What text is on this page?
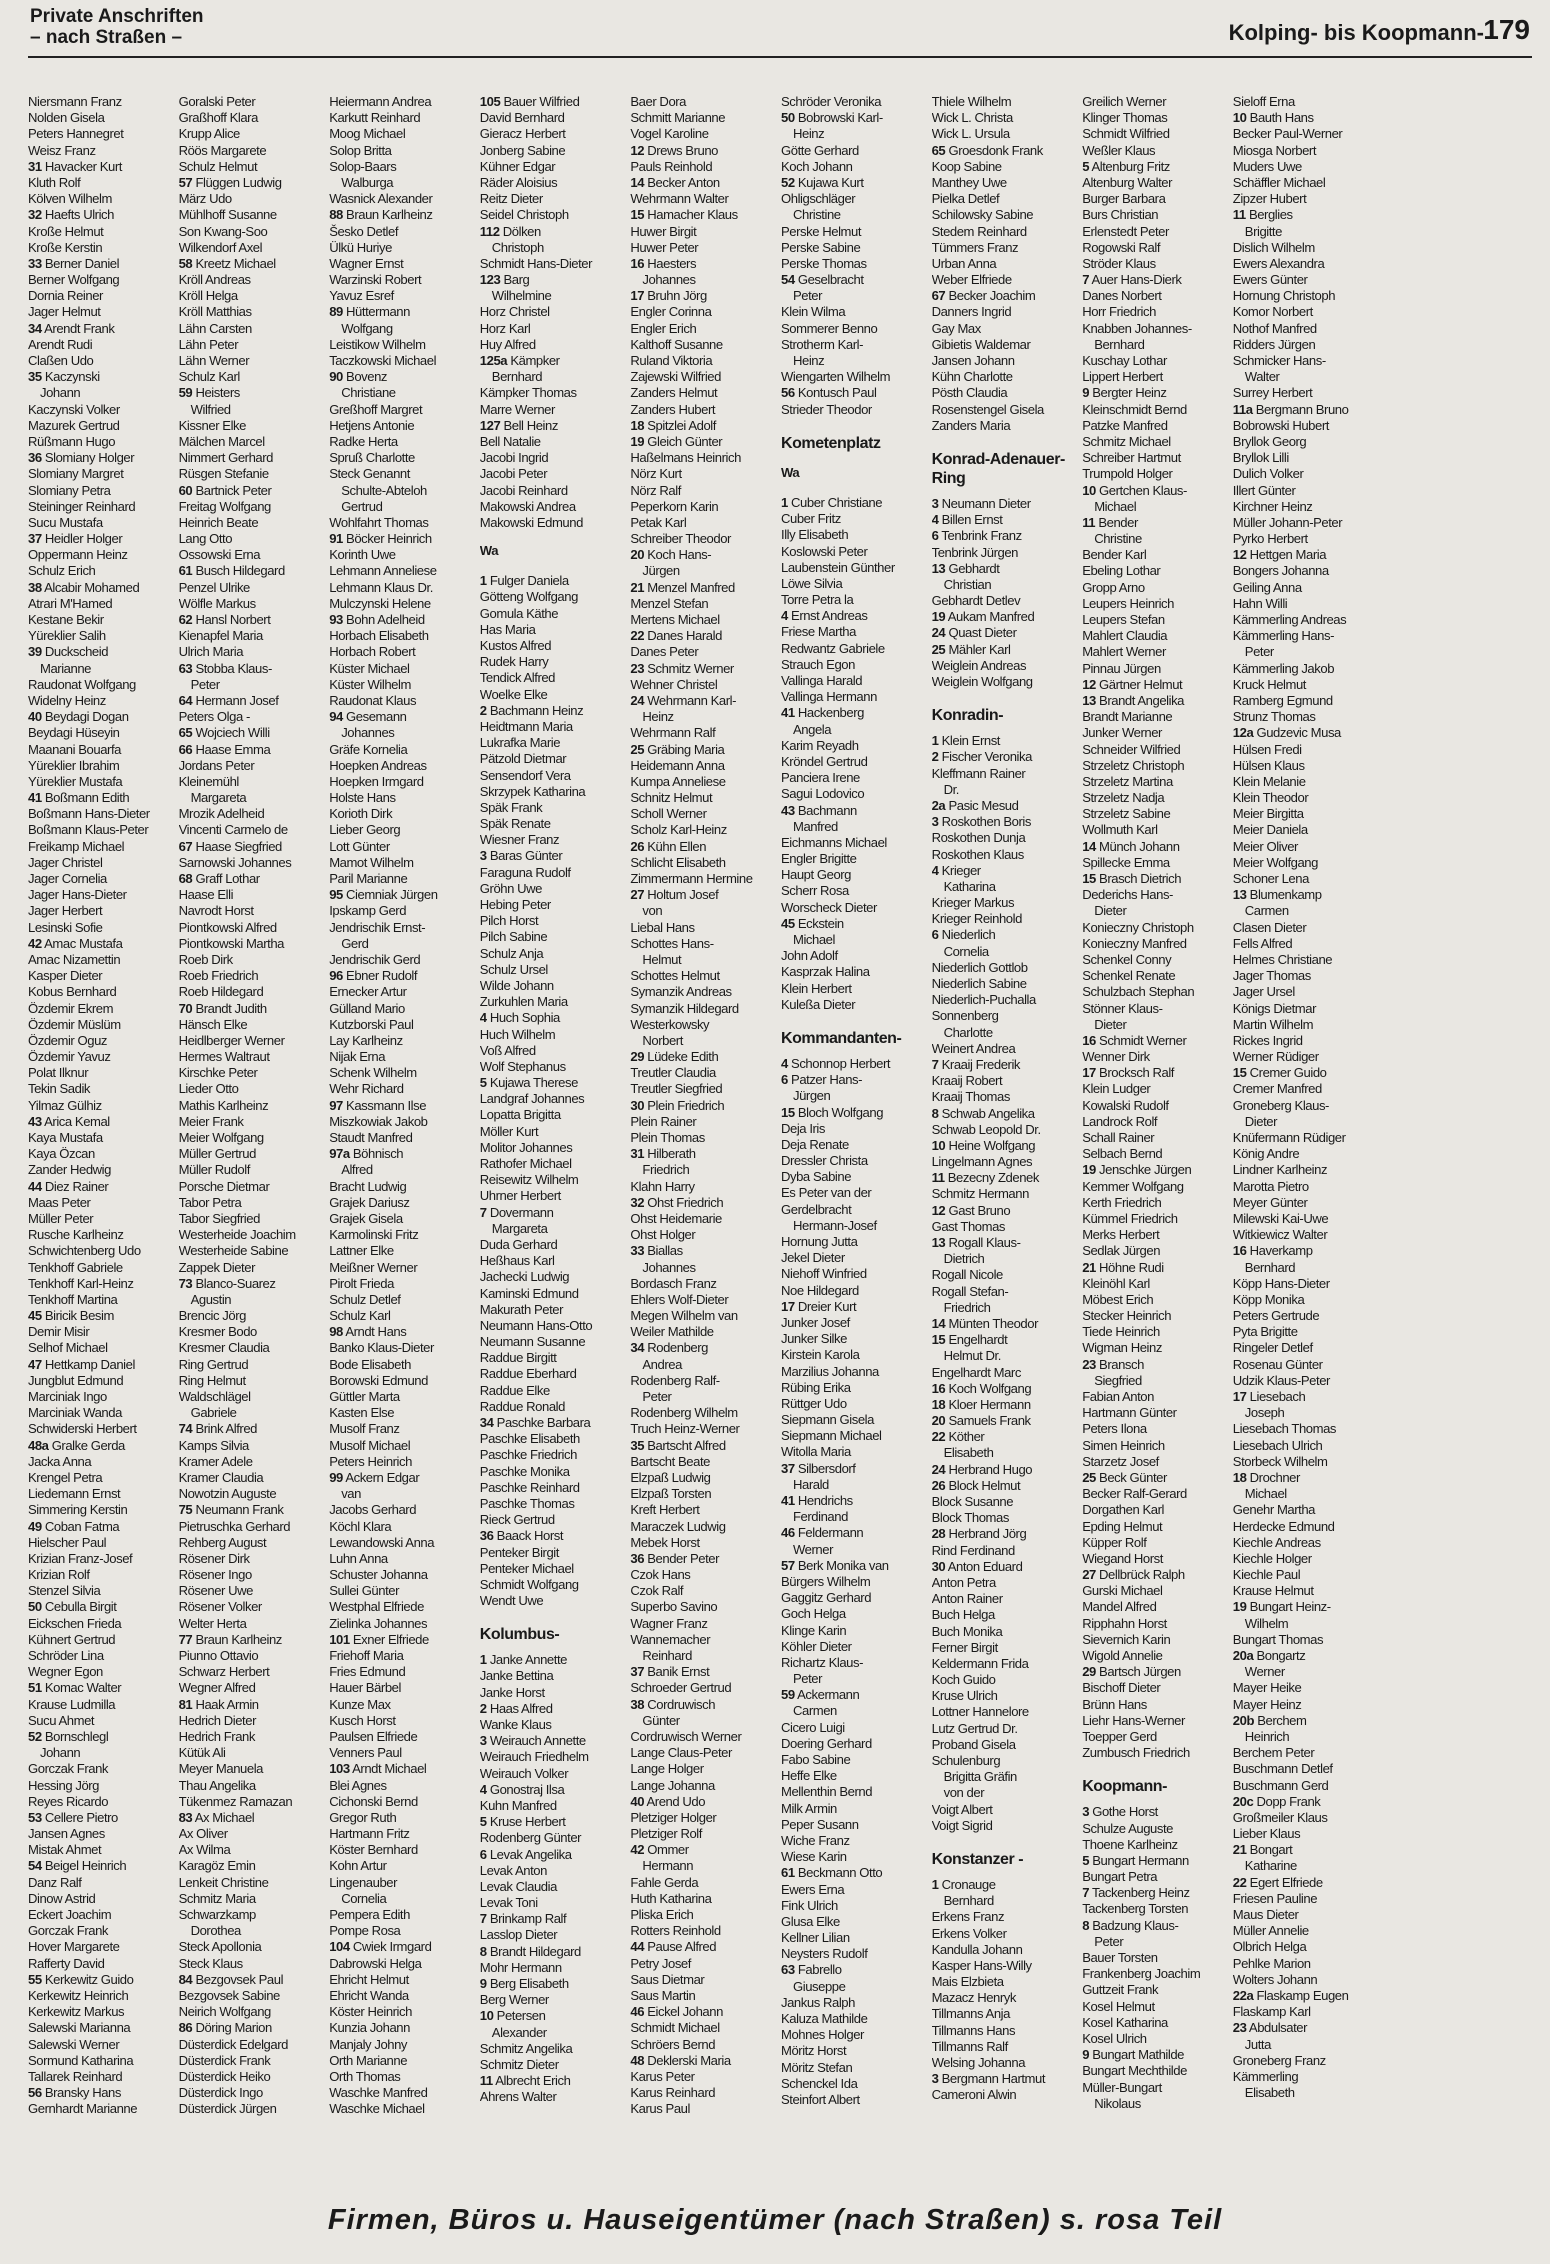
Private Anschriften
– nach Straßen –	Kolping- bis Koopmann- 179
Niersmann Franz
Nolden Gisela
Peters Hannegret
Weisz Franz
31 Havacker Kurt
Kluth Rolf
Kölven Wilhelm
32 Haefts Ulrich
Kroße Helmut
Kroße Kerstin
33 Berner Daniel
Berner Wolfgang
Dornia Reiner
Jager Helmut
34 Arendt Frank
Arendt Rudi
Claßen Udo
35 Kaczynski
Johann
Kaczynski Volker
Mazurek Gertrud
Rüßmann Hugo
36 Slomiany Holger
Slomiany Margret
Slomiany Petra
Steininger Reinhard
Sucu Mustafa
37 Heidler Holger
Oppermann Heinz
Schulz Erich
38 Alcabir Mohamed
Atrari M'Hamed
Kestane Bekir
Yüreklier Salih
39 Duckscheid
Marianne
Raudonat Wolfgang
Widelny Heinz
40 Beydagi Dogan
Beydagi Hüseyin
Maanani Bouarfa
Yüreklier Ibrahim
Yüreklier Mustafa
41 Boßmann Edith
Boßmann Hans-Dieter
Boßmann Klaus-Peter
Freikamp Michael
Jager Christel
Jager Cornelia
Jager Hans-Dieter
Jager Herbert
Lesinski Sofie
42 Amac Mustafa
Amac Nizamettin
Kasper Dieter
Kobus Bernhard
Özdemir Ekrem
Özdemir Müslüm
Özdemir Oguz
Özdemir Yavuz
Polat Ilknur
Tekin Sadik
Yilmaz Gülhiz
43 Arica Kemal
Kaya Mustafa
Kaya Özcan
Zander Hedwig
44 Diez Rainer
Maas Peter
Müller Peter
Rusche Karlheinz
Schwichtenberg Udo
Tenkhoff Gabriele
Tenkhoff Karl-Heinz
Tenkhoff Martina
45 Biricik Besim
Demir Misir
Selhof Michael
47 Hettkamp Daniel
Jungblut Edmund
Marciniak Ingo
Marciniak Wanda
Schwiderski Herbert
48a Gralke Gerda
Jacka Anna
Krengel Petra
Liedemann Ernst
Simmering Kerstin
49 Coban Fatma
Hielscher Paul
Krizian Franz-Josef
Krizian Rolf
Stenzel Silvia
50 Cebulla Birgit
Eickschen Frieda
Kühnert Gertrud
Schröder Lina
Wegner Egon
51 Komac Walter
Krause Ludmilla
Sucu Ahmet
52 Bornschlegl
Johann
Gorczak Frank
Hessing Jörg
Reyes Ricardo
53 Cellere Pietro
Jansen Agnes
Mistak Ahmet
54 Beigel Heinrich
Danz Ralf
Dinow Astrid
Eckert Joachim
Gorczak Frank
Hover Margarete
Rafferty David
55 Kerkewitz Guido
Kerkewitz Heinrich
Kerkewitz Markus
Salewski Marianna
Salewski Werner
Sormund Katharina
Tallarek Reinhard
56 Bransky Hans
Gernhardt Marianne
Goralski Peter
Graßhoff Klara
Krupp Alice
Röös Margarete
Schulz Helmut
57 Flüggen Ludwig
März Udo
Mühlhoff Susanne
Son Kwang-Soo
Wilkendorf Axel
58 Kreetz Michael
Kröll Andreas
Kröll Helga
Kröll Matthias
Lähn Carsten
Lähn Peter
Lähn Werner
Schulz Karl
59 Heisters
Wilfried
Kissner Elke
Mälchen Marcel
Nimmert Gerhard
Rüsgen Stefanie
60 Bartnick Peter
Freitag Wolfgang
Heinrich Beate
Lang Otto
Ossowski Erna
61 Busch Hildegard
Penzel Ulrike
Wölfle Markus
62 Hansl Norbert
Kienapfel Maria
Ulrich Maria
63 Stobba Klaus-
Peter
64 Hermann Josef
Peters Olga -
65 Wojciech Willi
66 Haase Emma
Jordans Peter
Kleinemühl
Margareta
Mrozik Adelheid
Vincenti Carmelo de
67 Haase Siegfried
Sarnowski Johannes
68 Graff Lothar
Haase Elli
Navrodt Horst
Piontkowski Alfred
Piontkowski Martha
Roeb Dirk
Roeb Friedrich
Roeb Hildegard
70 Brandt Judith
Hänsch Elke
Heidlberger Werner
Hermes Waltraut
Kirschke Peter
Lieder Otto
Mathis Karlheinz
Meier Frank
Meier Wolfgang
Müller Gertrud
Müller Rudolf
Porsche Dietmar
Tabor Petra
Tabor Siegfried
Westerheide Joachim
Westerheide Sabine
Zappek Dieter
73 Blanco-Suarez
Agustin
Brencic Jörg
Kresmer Bodo
Kresmer Claudia
Ring Gertrud
Ring Helmut
Waldschlägel
Gabriele
74 Brink Alfred
Kamps Silvia
Kramer Adele
Kramer Claudia
Nowotzin Auguste
75 Neumann Frank
Pietruschka Gerhard
Rehberg August
Rösener Dirk
Rösener Ingo
Rösener Uwe
Rösener Volker
Welter Herta
77 Braun Karlheinz
Piunno Ottavio
Schwarz Herbert
Wegner Alfred
81 Haak Armin
Hedrich Dieter
Hedrich Frank
Kütük Ali
Meyer Manuela
Thau Angelika
Tükenmez Ramazan
83 Ax Michael
Ax Oliver
Ax Wilma
Karagöz Emin
Lenkeit Christine
Schmitz Maria
Schwarzkamp
Dorothea
Steck Apollonia
Steck Klaus
84 Bezgovsek Paul
Bezgovsek Sabine
Neirich Wolfgang
86 Döring Marion
Düsterdick Edelgard
Düsterdick Frank
Düsterdick Heiko
Düsterdick Ingo
Düsterdick Jürgen
Heiermann Andrea
Karkutt Reinhard
Moog Michael
Solop Britta
Solop-Baars
Walburga
Wasnick Alexander
88 Braun Karlheinz
Šesko Detlef
Ülkü Huriye
Wagner Ernst
Warzinski Robert
Yavuz Esref
89 Hüttermann
Wolfgang
Leistikow Wilhelm
Taczkowski Michael
90 Bovenz
Christiane
Greßhoff Margret
Hetjens Antonie
Radke Herta
Spruß Charlotte
Steck Genannt
Schulte-Abteloh
Gertrud
Wohlfahrt Thomas
91 Böcker Heinrich
Korinth Uwe
Lehmann Anneliese
Lehmann Klaus Dr.
Mulczynski Helene
93 Bohn Adelheid
Horbach Elisabeth
Horbach Robert
Küster Michael
Küster Wilhelm
Raudonat Klaus
94 Gesemann
Johannes
Gräfe Kornelia
Hoepken Andreas
Hoepken Irmgard
Holste Hans
Korioth Dirk
Lieber Georg
Lott Günter
Mamot Wilhelm
Paril Marianne
95 Ciemniak Jürgen
Ipskamp Gerd
Jendrischik Ernst-
Gerd
Jendrischik Gerd
96 Ebner Rudolf
Ernecker Artur
Gülland Mario
Kutzborski Paul
Lay Karlheinz
Nijak Erna
Schenk Wilhelm
Wehr Richard
97 Kassmann Ilse
Miszkowiak Jakob
Staudt Manfred
97a Böhnisch
Alfred
Bracht Ludwig
Grajek Dariusz
Grajek Gisela
Karmolinski Fritz
Lattner Elke
Meißner Werner
Pirolt Frieda
Schulz Detlef
Schulz Karl
98 Arndt Hans
Banko Klaus-Dieter
Bode Elisabeth
Borowski Edmund
Güttler Marta
Kasten Else
Musolf Franz
Musolf Michael
Peters Heinrich
99 Ackern Edgar
van
Jacobs Gerhard
Köchl Klara
Lewandowski Anna
Luhn Anna
Schuster Johanna
Sullei Günter
Westphal Elfriede
Zielinka Johannes
101 Exner Elfriede
Friehoff Maria
Fries Edmund
Hauer Bärbel
Kunze Max
Kusch Horst
Paulsen Elfriede
Venners Paul
103 Arndt Michael
Blei Agnes
Cichonski Bernd
Gregor Ruth
Hartmann Fritz
Köster Bernhard
Kohn Artur
Lingenauber
Cornelia
Pempera Edith
Pompe Rosa
104 Cwiek Irmgard
Dabrowski Helga
Ehricht Helmut
Ehricht Wanda
Köster Heinrich
Kunzia Johann
Manjaly Johny
Orth Marianne
Orth Thomas
Waschke Manfred
Waschke Michael
105 Bauer Wilfried
David Bernhard
Gieracz Herbert
Jonberg Sabine
Kühner Edgar
Räder Aloisius
Reitz Dieter
Seidel Christoph
112 Dölken
Christoph
Schmidt Hans-Dieter
123 Barg
Wilhelmine
Horz Christel
Horz Karl
Huy Alfred
125a Kämpker
Bernhard
Kämpker Thomas
Marre Werner
127 Bell Heinz
Bell Natalie
Jacobi Ingrid
Jacobi Peter
Jacobi Reinhard
Makowski Andrea
Makowski Edmund
Wa
1 Fulger Daniela
Götteng Wolfgang
Gomula Käthe
Has Maria
Kustos Alfred
Rudek Harry
Tendick Alfred
Woelke Elke
2 Bachmann Heinz
Heidtmann Maria
Lukrafka Marie
Pätzold Dietmar
Sensendorf Vera
Skrzypek Katharina
Späk Frank
Späk Renate
Wiesner Franz
3 Baras Günter
Faraguna Rudolf
Gröhn Uwe
Hebing Peter
Pilch Horst
Pilch Sabine
Schulz Anja
Schulz Ursel
Wilde Johann
Zurkuhlen Maria
4 Huch Sophia
Huch Wilhelm
Voß Alfred
Wolf Stephanus
5 Kujawa Therese
Landgraf Johannes
Lopatta Brigitta
Möller Kurt
Molitor Johannes
Rathofer Michael
Reisewitz Wilhelm
Uhrner Herbert
7 Dovermann
Margareta
Duda Gerhard
Heßhaus Karl
Jachecki Ludwig
Kaminski Edmund
Makurath Peter
Neumann Hans-Otto
Neumann Susanne
Raddue Birgitt
Raddue Eberhard
Raddue Elke
Raddue Ronald
34 Paschke Barbara
Paschke Elisabeth
Paschke Friedrich
Paschke Monika
Paschke Reinhard
Paschke Thomas
Rieck Gertrud
36 Baack Horst
Penteker Birgit
Penteker Michael
Schmidt Wolfgang
Wendt Uwe
Kolumbus-
1 Janke Annette
Janke Bettina
Janke Horst
2 Haas Alfred
Wanke Klaus
3 Weirauch Annette
Weirauch Friedhelm
Weirauch Volker
4 Gonostraj Ilsa
Kuhn Manfred
5 Kruse Herbert
Rodenberg Günter
6 Levak Angelika
Levak Anton
Levak Claudia
Levak Toni
7 Brinkamp Ralf
Lasslop Dieter
8 Brandt Hildegard
Mohr Hermann
9 Berg Elisabeth
Berg Werner
10 Petersen
Alexander
Schmitz Angelika
Schmitz Dieter
11 Albrecht Erich
Ahrens Walter
Baer Dora
Schmitt Marianne
Vogel Karoline
12 Drews Bruno
Pauls Reinhold
14 Becker Anton
Wehrmann Walter
15 Hamacher Klaus
Huwer Birgit
Huwer Peter
16 Haesters
Johannes
17 Bruhn Jörg
Engler Corinna
Engler Erich
Kalthoff Susanne
Ruland Viktoria
Zajewski Wilfried
Zanders Helmut
Zanders Hubert
18 Spitzlei Adolf
19 Gleich Günter
Haßelmans Heinrich
Nörz Kurt
Nörz Ralf
Peperkorn Karin
Petak Karl
Schreiber Theodor
20 Koch Hans-
Jürgen
21 Menzel Manfred
Menzel Stefan
Mertens Michael
22 Danes Harald
Danes Peter
23 Schmitz Werner
Wehner Christel
24 Wehrmann Karl-
Heinz
Wehrmann Ralf
25 Gräbing Maria
Heidemann Anna
Kumpa Anneliese
Schnitz Helmut
Scholl Werner
Scholz Karl-Heinz
26 Kühn Ellen
Schlicht Elisabeth
Zimmermann Hermine
27 Holtum Josef
von
Liebal Hans
Schottes Hans-
Helmut
Schottes Helmut
Symanzik Andreas
Symanzik Hildegard
Westerkowsky
Norbert
29 Lüdeke Edith
Treutler Claudia
Treutler Siegfried
30 Plein Friedrich
Plein Rainer
Plein Thomas
31 Hilberath
Friedrich
Klahn Harry
32 Ohst Friedrich
Ohst Heidemarie
Ohst Holger
33 Biallas
Johannes
Bordasch Franz
Ehlers Wolf-Dieter
Megen Wilhelm van
Weiler Mathilde
34 Rodenberg
Andrea
Rodenberg Ralf-
Peter
Rodenberg Wilhelm
Truch Heinz-Werner
35 Bartscht Alfred
Bartscht Beate
Elzpaß Ludwig
Elzpaß Torsten
Kreft Herbert
Maraczek Ludwig
Mebek Horst
36 Bender Peter
Czok Hans
Czok Ralf
Superbo Savino
Wagner Franz
Wannemacher
Reinhard
37 Banik Ernst
Schroeder Gertrud
38 Cordruwisch
Günter
Cordruwisch Werner
Lange Claus-Peter
Lange Holger
Lange Johanna
40 Arend Udo
Pletziger Holger
Pletziger Rolf
42 Ommer
Hermann
Fahle Gerda
Huth Katharina
Pliska Erich
Rotters Reinhold
44 Pause Alfred
Petry Josef
Saus Dietmar
Saus Martin
46 Eickel Johann
Schmidt Michael
Schröers Bernd
48 Deklerski Maria
Karus Peter
Karus Reinhard
Karus Paul
Schröder Veronika
50 Bobrowski Karl-
Heinz
Götte Gerhard
Koch Johann
52 Kujawa Kurt
Ohligschläger
Christine
Perske Helmut
Perske Sabine
Perske Thomas
54 Geselbracht
Peter
Klein Wilma
Sommerer Benno
Strotherm Karl-
Heinz
Wiengarten Wilhelm
56 Kontusch Paul
Strieder Theodor
Kometenplatz
Wa
1 Cuber Christiane
Cuber Fritz
Illy Elisabeth
Koslowski Peter
Laubenstein Günther
Löwe Silvia
Torre Petra la
4 Ernst Andreas
Friese Martha
Redwantz Gabriele
Strauch Egon
Vallinga Harald
Vallinga Hermann
41 Hackenberg
Angela
Karim Reyadh
Kröndel Gertrud
Panciera Irene
Sagui Lodovico
43 Bachmann
Manfred
Eichmanns Michael
Engler Brigitte
Haupt Georg
Scherr Rosa
Worscheck Dieter
45 Eckstein
Michael
John Adolf
Kasprzak Halina
Klein Herbert
Kuleßa Dieter
Kommandanten-
4 Schonnop Herbert
6 Patzer Hans-
Jürgen
15 Bloch Wolfgang
Deja Iris
Deja Renate
Dressler Christa
Dyba Sabine
Es Peter van der
Gerdelbracht
Hermann-Josef
Hornung Jutta
Jekel Dieter
Niehoff Winfried
Noe Hildegard
17 Dreier Kurt
Junker Josef
Junker Silke
Kirstein Karola
Marzilius Johanna
Rübing Erika
Rüttger Udo
Siepmann Gisela
Siepmann Michael
Witolla Maria
37 Silbersdorf
Harald
41 Hendrichs
Ferdinand
46 Feldermann
Werner
57 Berk Monika van
Bürgers Wilhelm
Gaggitz Gerhard
Goch Helga
Klinge Karin
Köhler Dieter
Richartz Klaus-
Peter
59 Ackermann
Carmen
Cicero Luigi
Doering Gerhard
Fabo Sabine
Heffe Elke
Mellenthin Bernd
Milk Armin
Peper Susann
Wiche Franz
Wiese Karin
61 Beckmann Otto
Ewers Erna
Fink Ulrich
Glusa Elke
Kellner Lilian
Neysters Rudolf
63 Fabrello
Giuseppe
Jankus Ralph
Kaluza Mathilde
Mohnes Holger
Möritz Horst
Möritz Stefan
Schenckel Ida
Steinfort Albert
Thiele Wilhelm
Wick L. Christa
Wick L. Ursula
65 Groesdonk Frank
Koop Sabine
Manthey Uwe
Pielka Detlef
Schilowsky Sabine
Stedem Reinhard
Tümmers Franz
Urban Anna
Weber Elfriede
67 Becker Joachim
Danners Ingrid
Gay Max
Gibietis Waldemar
Jansen Johann
Kühn Charlotte
Pösth Claudia
Rosenstengel Gisela
Zanders Maria
Konrad-Adenauer-
Ring
3 Neumann Dieter
4 Billen Ernst
6 Tenbrink Franz
Tenbrink Jürgen
13 Gebhardt
Christian
Gebhardt Detlev
19 Aukam Manfred
24 Quast Dieter
25 Mähler Karl
Weiglein Andreas
Weiglein Wolfgang
Konradin-
1 Klein Ernst
2 Fischer Veronika
Kleffmann Rainer
Dr.
2a Pasic Mesud
3 Roskothen Boris
Roskothen Dunja
Roskothen Klaus
4 Krieger
Katharina
Krieger Markus
Krieger Reinhold
6 Niederlich
Cornelia
Niederlich Gottlob
Niederlich Sabine
Niederlich-Puchalla
Sonnenberg
Charlotte
Weinert Andrea
7 Kraaij Frederik
Kraaij Robert
Kraaij Thomas
8 Schwab Angelika
Schwab Leopold Dr.
10 Heine Wolfgang
Lingelmann Agnes
11 Bezecny Zdenek
Schmitz Hermann
12 Gast Bruno
Gast Thomas
13 Rogall Klaus-
Dietrich
Rogall Nicole
Rogall Stefan-
Friedrich
14 Münten Theodor
15 Engelhardt
Helmut Dr.
Engelhardt Marc
16 Koch Wolfgang
18 Kloer Hermann
20 Samuels Frank
22 Köther
Elisabeth
24 Herbrand Hugo
26 Block Helmut
Block Susanne
Block Thomas
28 Herbrand Jörg
Rind Ferdinand
30 Anton Eduard
Anton Petra
Anton Rainer
Buch Helga
Buch Monika
Ferner Birgit
Keldermann Frida
Koch Guido
Kruse Ulrich
Lottner Hannelore
Lutz Gertrud Dr.
Proband Gisela
Schulenburg
Brigitta Gräfin
von der
Voigt Albert
Voigt Sigrid
Konstanzer -
1 Cronauge
Bernhard
Erkens Franz
Erkens Volker
Kandulla Johann
Kasper Hans-Willy
Mais Elzbieta
Mazacz Henryk
Tillmanns Anja
Tillmanns Hans
Tillmanns Ralf
Welsing Johanna
3 Bergmann Hartmut
Cameroni Alwin
Greilich Werner
Klinger Thomas
Schmidt Wilfried
Weßler Klaus
5 Altenburg Fritz
Altenburg Walter
Burger Barbara
Burs Christian
Erlenstedt Peter
Rogowski Ralf
Ströder Klaus
7 Auer Hans-Dierk
Danes Norbert
Horr Friedrich
Knabben Johannes-
Bernhard
Kuschay Lothar
Lippert Herbert
9 Bergter Heinz
Kleinschmidt Bernd
Patzke Manfred
Schmitz Michael
Schreiber Hartmut
Trumpold Holger
10 Gertchen Klaus-
Michael
11 Bender
Christine
Bender Karl
Ebeling Lothar
Gropp Arno
Leupers Heinrich
Leupers Stefan
Mahlert Claudia
Mahlert Werner
Pinnau Jürgen
12 Gärtner Helmut
13 Brandt Angelika
Brandt Marianne
Junker Werner
Schneider Wilfried
Strzeletz Christoph
Strzeletz Martina
Strzeletz Nadja
Strzeletz Sabine
Wollmuth Karl
14 Münch Johann
Spillecke Emma
15 Brasch Dietrich
Dederichs Hans-
Dieter
Konieczny Christoph
Konieczny Manfred
Schenkel Conny
Schenkel Renate
Schulzbach Stephan
Stönner Klaus-
Dieter
16 Schmidt Werner
Wenner Dirk
17 Brocksch Ralf
Klein Ludger
Kowalski Rudolf
Landrock Rolf
Schall Rainer
Selbach Bernd
19 Jenschke Jürgen
Kemmer Wolfgang
Kerth Friedrich
Kümmel Friedrich
Merks Herbert
Sedlak Jürgen
21 Höhne Rudi
Kleinöhl Karl
Möbest Erich
Stecker Heinrich
Tiede Heinrich
Wigman Heinz
23 Bransch
Siegfried
Fabian Anton
Hartmann Günter
Peters Ilona
Simen Heinrich
Starzetz Josef
25 Beck Günter
Becker Ralf-Gerard
Dorgathen Karl
Epding Helmut
Küpper Rolf
Wiegand Horst
27 Dellbrück Ralph
Gurski Michael
Mandel Alfred
Ripphahn Horst
Sievernich Karin
Wigold Annelie
29 Bartsch Jürgen
Bischoff Dieter
Brünn Hans
Liehr Hans-Werner
Toepper Gerd
Zumbusch Friedrich
Koopmann-
3 Gothe Horst
Schulze Auguste
Thoene Karlheinz
5 Bungart Hermann
Bungart Petra
7 Tackenberg Heinz
Tackenberg Torsten
8 Badzung Klaus-
Peter
Bauer Torsten
Frankenberg Joachim
Guttzeit Frank
Kosel Helmut
Kosel Katharina
Kosel Ulrich
9 Bungart Mathilde
Bungart Mechthilde
Müller-Bungart
Nikolaus
Sieloff Erna
10 Bauth Hans
Becker Paul-Werner
Miosga Norbert
Muders Uwe
Schäffler Michael
Zipzer Hubert
11 Berglies
Brigitte
Dislich Wilhelm
Ewers Alexandra
Ewers Günter
Hornung Christoph
Komor Norbert
Nothof Manfred
Ridders Jürgen
Schmicker Hans-
Walter
Surrey Herbert
11a Bergmann Bruno
Bobrowski Hubert
Bryllok Georg
Bryllok Lilli
Dulich Volker
Illert Günter
Kirchner Heinz
Müller Johann-Peter
Pyrko Herbert
12 Hettgen Maria
Bongers Johanna
Geiling Anna
Hahn Willi
Kämmerling Andreas
Kämmerling Hans-
Peter
Kämmerling Jakob
Kruck Helmut
Ramberg Egmund
Strunz Thomas
12a Gudzevic Musa
Hülsen Fredi
Hülsen Klaus
Klein Melanie
Klein Theodor
Meier Birgitta
Meier Daniela
Meier Oliver
Meier Wolfgang
Schoner Lena
13 Blumenkamp
Carmen
Clasen Dieter
Fells Alfred
Helmes Christiane
Jager Thomas
Jager Ursel
Königs Dietmar
Martin Wilhelm
Rickes Ingrid
Werner Rüdiger
15 Cremer Guido
Cremer Manfred
Groneberg Klaus-
Dieter
Knüfermann Rüdiger
König Andre
Lindner Karlheinz
Marotta Pietro
Meyer Günter
Milewski Kai-Uwe
Witkiewicz Walter
16 Haverkamp
Bernhard
Köpp Hans-Dieter
Köpp Monika
Peters Gertrude
Pyta Brigitte
Ringeler Detlef
Rosenau Günter
Udzik Klaus-Peter
17 Liesebach
Joseph
Liesebach Thomas
Liesebach Ulrich
Storbeck Wilhelm
18 Drochner
Michael
Genehr Martha
Herdecke Edmund
Kiechle Andreas
Kiechle Holger
Kiechle Paul
Krause Helmut
19 Bungart Heinz-
Wilhelm
Bungart Thomas
20a Bongartz
Werner
Mayer Heike
Mayer Heinz
20b Berchem
Heinrich
Berchem Peter
Buschmann Detlef
Buschmann Gerd
20c Dopp Frank
Großmeiler Klaus
Lieber Klaus
21 Bongart
Katharine
22 Egert Elfriede
Friesen Pauline
Maus Dieter
Müller Annelie
Olbrich Helga
Pehlke Marion
Wolters Johann
22a Flaskamp Eugen
Flaskamp Karl
23 Abdulsater
Jutta
Groneberg Franz
Kämmerling
Elisabeth
Firmen, Büros u. Hauseigentümer (nach Straßen) s. rosa Teil
